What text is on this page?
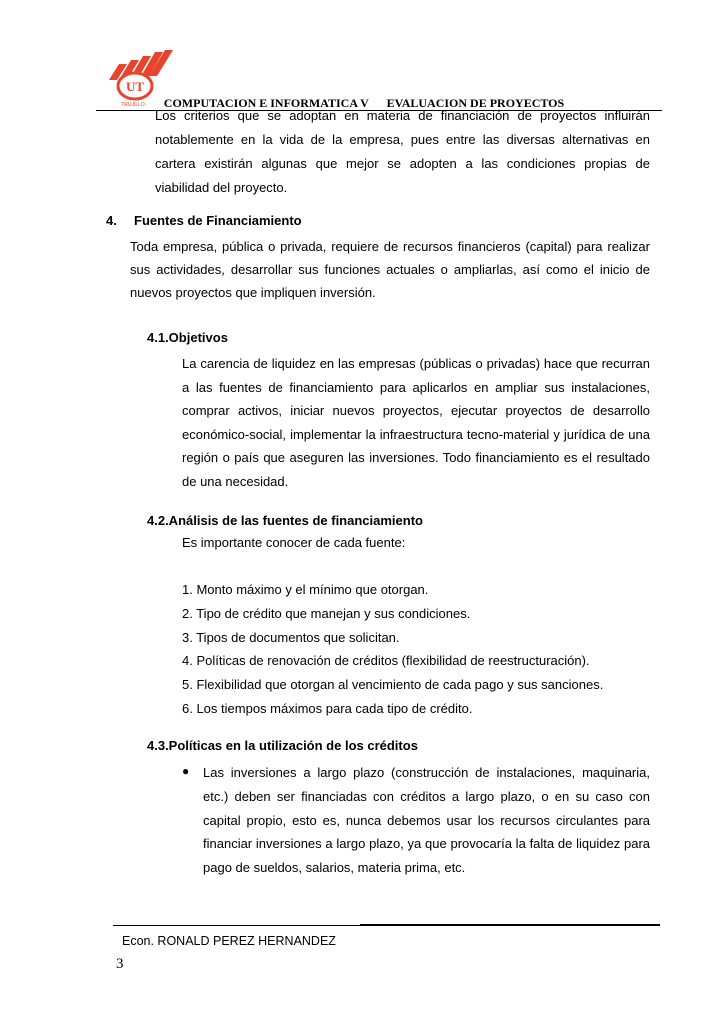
UT
TRUJILLO	COMPUTACION E INFORMATICA V      EVALUACION DE PROYECTOS

Los criterios que se adoptan en materia de financiación de proyectos influirán notablemente en la vida de la empresa, pues entre las diversas alternativas en cartera existirán algunas que mejor se adopten a las condiciones propias de viabilidad del proyecto.

4. Fuentes de Financiamiento

Toda empresa, pública o privada, requiere de recursos financieros (capital) para realizar sus actividades, desarrollar sus funciones actuales o ampliarlas, así como el inicio de nuevos proyectos que impliquen inversión.

4.1.Objetivos

La carencia de liquidez en las empresas (públicas o privadas) hace que recurran a las fuentes de financiamiento para aplicarlos en ampliar sus instalaciones, comprar activos, iniciar nuevos proyectos, ejecutar proyectos de desarrollo económico-social, implementar la infraestructura tecno-material y jurídica de una región o país que aseguren las inversiones. Todo financiamiento es el resultado de una necesidad.

4.2.Análisis de las fuentes de financiamiento

Es importante conocer de cada fuente:

1. Monto máximo y el mínimo que otorgan.
2. Tipo de crédito que manejan y sus condiciones.
3. Tipos de documentos que solicitan.
4. Políticas de renovación de créditos (flexibilidad de reestructuración).
5. Flexibilidad que otorgan al vencimiento de cada pago y sus sanciones.
6. Los tiempos máximos para cada tipo de crédito.

4.3.Políticas en la utilización de los créditos

● Las inversiones a largo plazo (construcción de instalaciones, maquinaria, etc.) deben ser financiadas con créditos a largo plazo, o en su caso con capital propio, esto es, nunca debemos usar los recursos circulantes para financiar inversiones a largo plazo, ya que provocaría la falta de liquidez para pago de sueldos, salarios, materia prima, etc.

Econ. RONALD PEREZ HERNANDEZ

3
